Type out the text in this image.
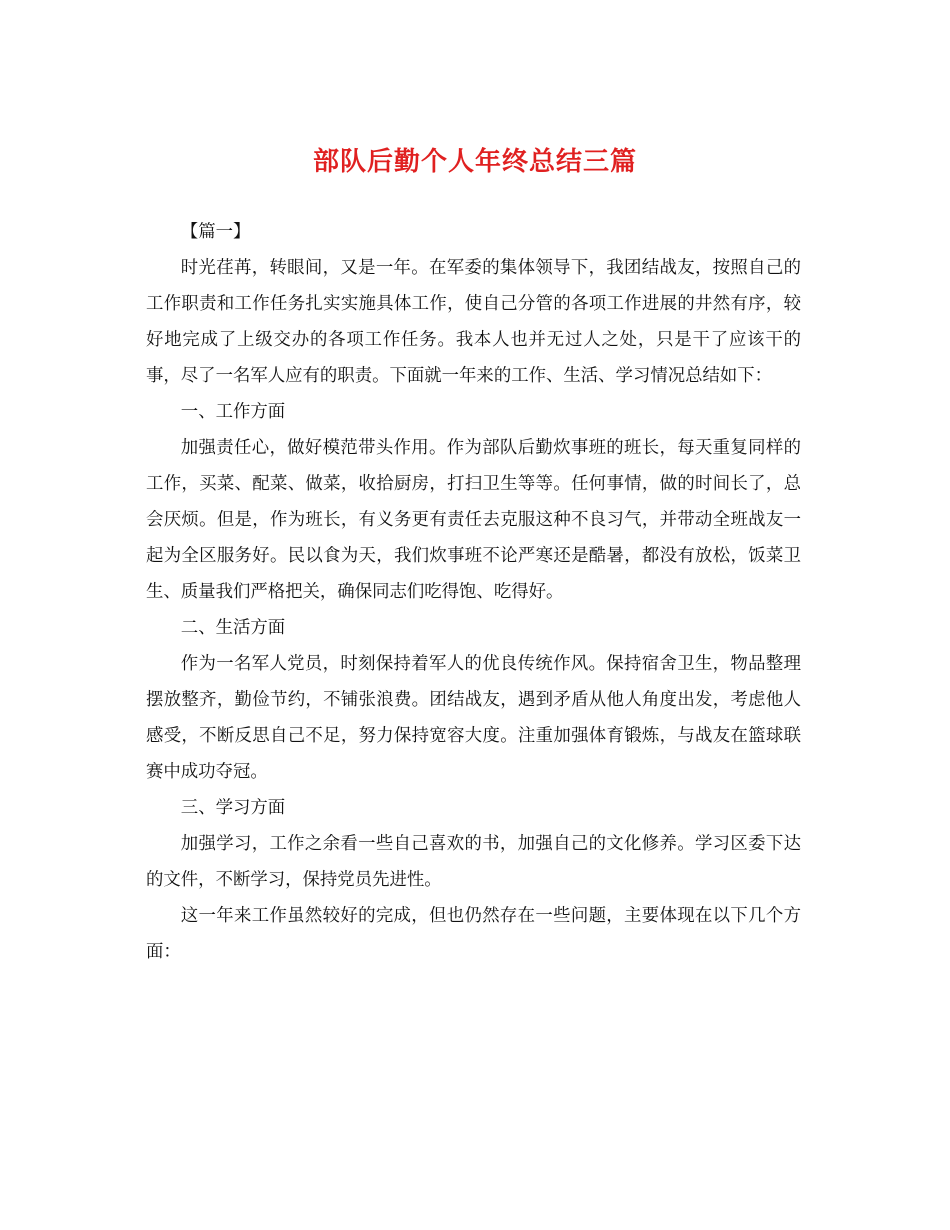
部队后勤个人年终总结三篇

【篇一】

时光荏苒，转眼间，又是一年。在军委的集体领导下，我团结战友，按照自己的工作职责和工作任务扎实实施具体工作，使自己分管的各项工作进展的井然有序，较好地完成了上级交办的各项工作任务。我本人也并无过人之处，只是干了应该干的事，尽了一名军人应有的职责。下面就一年来的工作、生活、学习情况总结如下：

一、工作方面

加强责任心，做好模范带头作用。作为部队后勤炊事班的班长，每天重复同样的工作，买菜、配菜、做菜，收拾厨房，打扫卫生等等。任何事情，做的时间长了，总会厌烦。但是，作为班长，有义务更有责任去克服这种不良习气，并带动全班战友一起为全区服务好。民以食为天，我们炊事班不论严寒还是酷暑，都没有放松，饭菜卫生、质量我们严格把关，确保同志们吃得饱、吃得好。

二、生活方面

作为一名军人党员，时刻保持着军人的优良传统作风。保持宿舍卫生，物品整理摆放整齐，勤俭节约，不铺张浪费。团结战友，遇到矛盾从他人角度出发，考虑他人感受，不断反思自己不足，努力保持宽容大度。注重加强体育锻炼，与战友在篮球联赛中成功夺冠。

三、学习方面

加强学习，工作之余看一些自己喜欢的书，加强自己的文化修养。学习区委下达的文件，不断学习，保持党员先进性。

这一年来工作虽然较好的完成，但也仍然存在一些问题，主要体现在以下几个方面：
